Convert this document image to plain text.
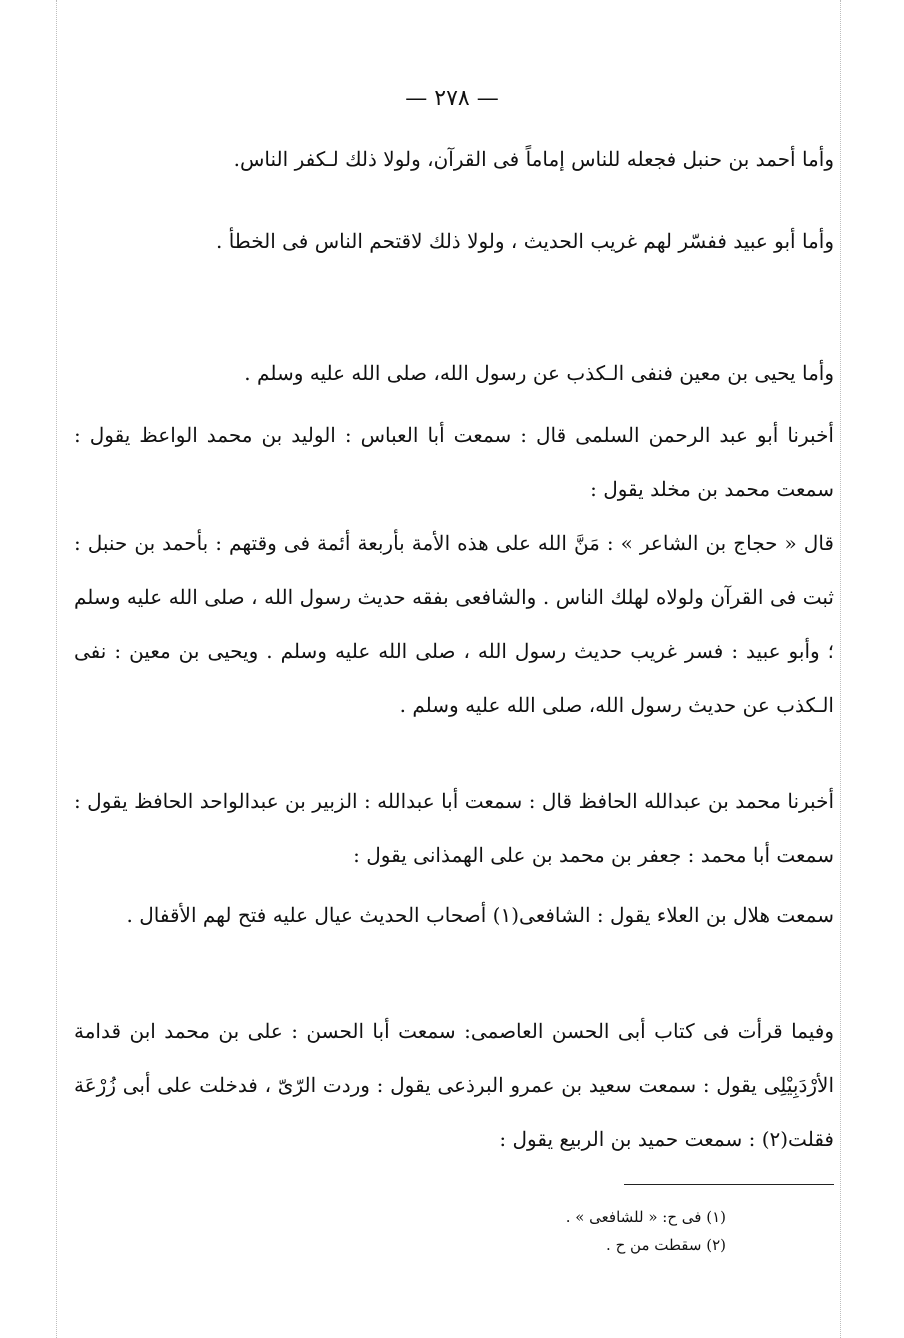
— ٢٧٨ —

وأما أحمد بن حنبل فجعله للناس إماماً فى القرآن، ولولا ذلك لـكفر الناس.

وأما أبو عبيد ففسّر لهم غريب الحديث ، ولولا ذلك لاقتحم الناس فى الخطأ .

وأما يحيى بن معين فنفى الـكذب عن رسول الله، صلى الله عليه وسلم .

أخبرنا أبو عبد الرحمن السلمى قال : سمعت أبا العباس : الوليد بن محمد الواعظ يقول : سمعت محمد بن مخلد يقول :

قال « حجاج بن الشاعر » : مَنَّ الله على هذه الأمة بأربعة أئمة فى وقتهم : بأحمد بن حنبل : ثبت فى القرآن ولولاه لهلك الناس . والشافعى بفقه حديث رسول الله ، صلى الله عليه وسلم ؛ وأبو عبيد : فسر غريب حديث رسول الله ، صلى الله عليه وسلم . ويحيى بن معين : نفى الـكذب عن حديث رسول الله، صلى الله عليه وسلم .

أخبرنا محمد بن عبدالله الحافظ قال : سمعت أبا عبدالله : الزبير بن عبدالواحد الحافظ يقول : سمعت أبا محمد : جعفر بن محمد بن على الهمذانى يقول :

سمعت هلال بن العلاء يقول : الشافعى(١) أصحاب الحديث عيال عليه فتح لهم الأقفال .

وفيما قرأت فى كتاب أبى الحسن العاصمى: سمعت أبا الحسن : على بن محمد ابن قدامة الأرْدَبِيْلِى يقول : سمعت سعيد بن عمرو البرذعى يقول : وردت الرّىّ ، فدخلت على أبى زُرْعَة فقلت(٢) : سمعت حميد بن الربيع يقول :

(١) فى ح: « للشافعى » .
(٢) سقطت من ح .
